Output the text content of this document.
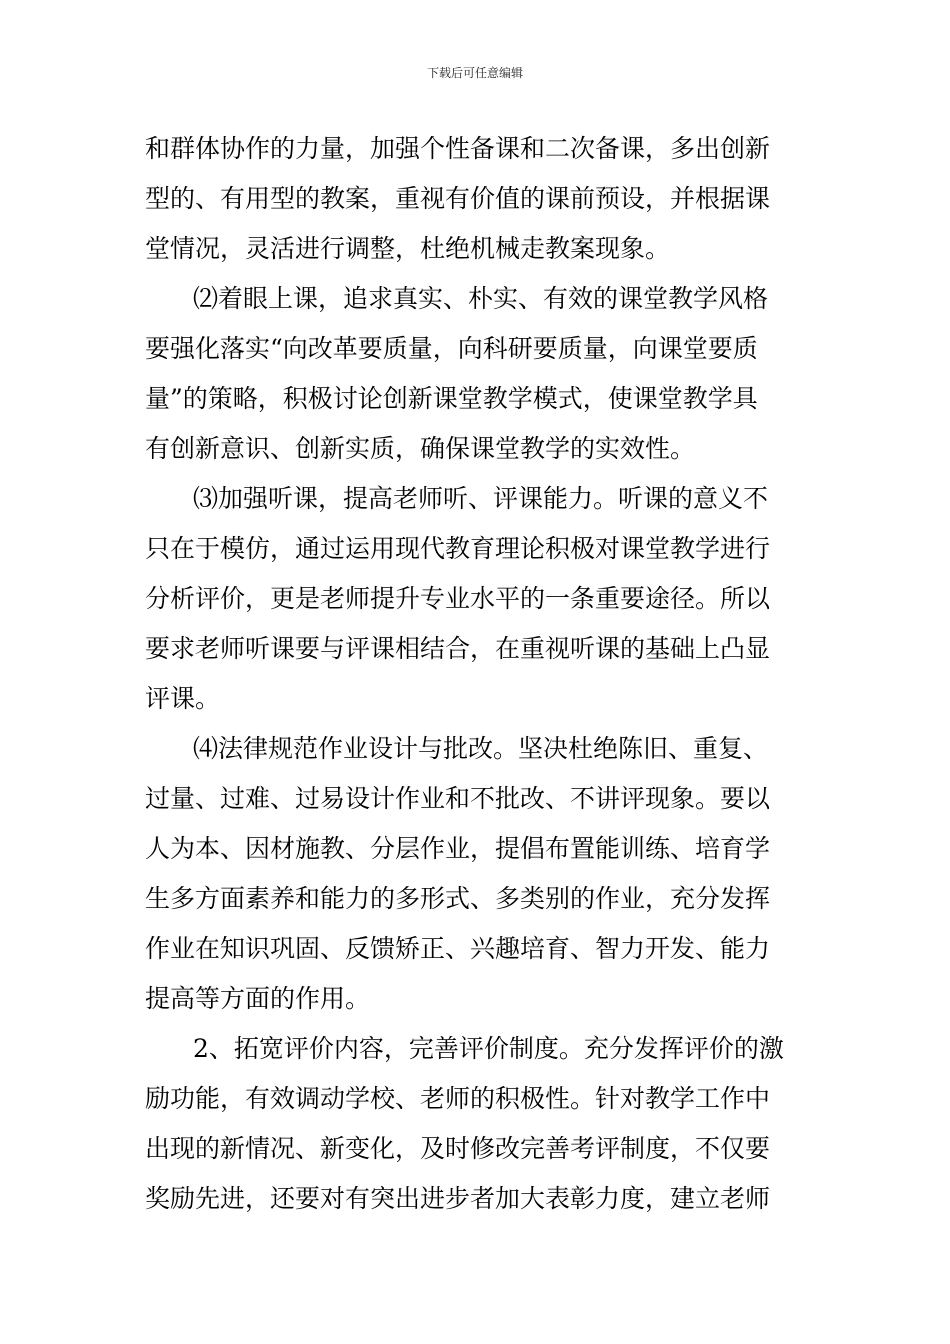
下载后可任意编辑
和群体协作的力量，加强个性备课和二次备课，多出创新
型的、有用型的教案，重视有价值的课前预设，并根据课
堂情况，灵活进行调整，杜绝机械走教案现象。
⑵着眼上课，追求真实、朴实、有效的课堂教学风格
要强化落实“向改革要质量，向科研要质量，向课堂要质
量”的策略，积极讨论创新课堂教学模式，使课堂教学具
有创新意识、创新实质，确保课堂教学的实效性。
⑶加强听课，提高老师听、评课能力。听课的意义不
只在于模仿，通过运用现代教育理论积极对课堂教学进行
分析评价，更是老师提升专业水平的一条重要途径。所以
要求老师听课要与评课相结合，在重视听课的基础上凸显
评课。
⑷法律规范作业设计与批改。坚决杜绝陈旧、重复、
过量、过难、过易设计作业和不批改、不讲评现象。要以
人为本、因材施教、分层作业，提倡布置能训练、培育学
生多方面素养和能力的多形式、多类别的作业，充分发挥
作业在知识巩固、反馈矫正、兴趣培育、智力开发、能力
提高等方面的作用。
2、拓宽评价内容，完善评价制度。充分发挥评价的激
励功能，有效调动学校、老师的积极性。针对教学工作中
出现的新情况、新变化，及时修改完善考评制度，不仅要
奖励先进，还要对有突出进步者加大表彰力度，建立老师
